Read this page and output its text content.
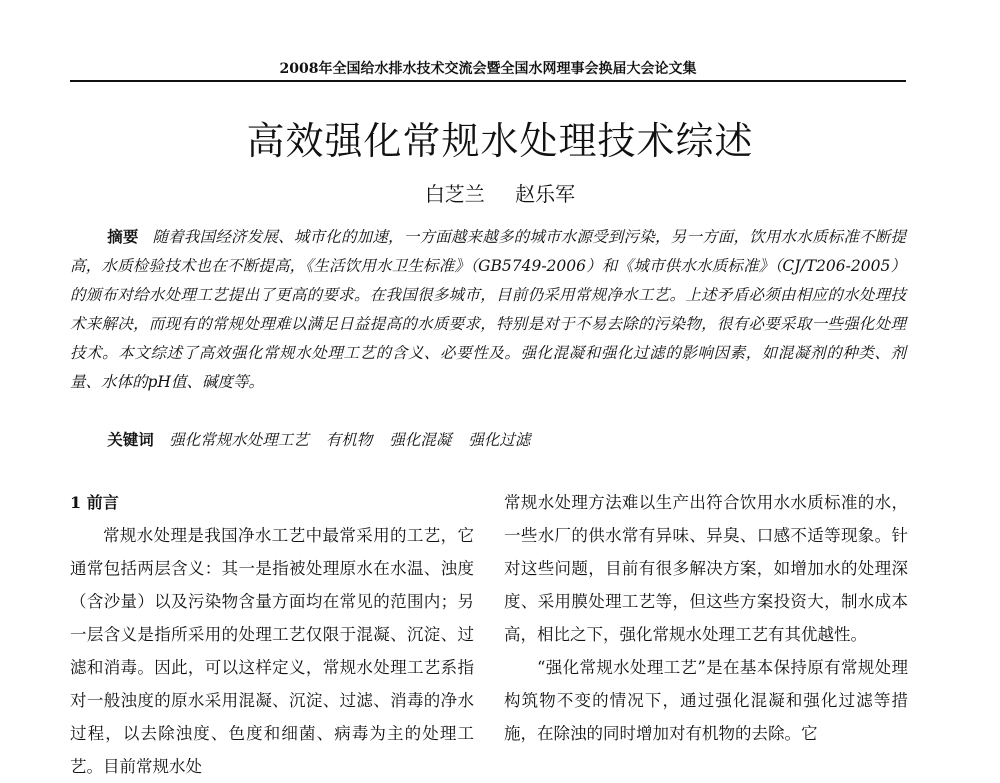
2008年全国给水排水技术交流会暨全国水网理事会换届大会论文集
高效强化常规水处理技术综述
白芝兰 赵乐军

摘要 随着我国经济发展、城市化的加速，一方面越来越多的城市水源受到污染，另一方面，饮用水水质标准不断提高，水质检验技术也在不断提高，《生活饮用水卫生标准》（GB5749-2006）和《城市供水水质标准》（CJ/T206-2005）的颁布对给水处理工艺提出了更高的要求。在我国很多城市，目前仍采用常规净水工艺。上述矛盾必须由相应的水处理技术来解决，而现有的常规处理难以满足日益提高的水质要求，特别是对于不易去除的污染物，很有必要采取一些强化处理技术。本文综述了高效强化常规水处理工艺的含义、必要性及。强化混凝和强化过滤的影响因素，如混凝剂的种类、剂量、水体的pH值、碱度等。

关键词 强化常规水处理工艺 有机物 强化混凝 强化过滤

1 前言

常规水处理是我国净水工艺中最常采用的工艺，它通常包括两层含义：其一是指被处理原水在水温、浊度（含沙量）以及污染物含量方面均在常见的范围内；另一层含义是指所采用的处理工艺仅限于混凝、沉淀、过滤和消毒。因此，可以这样定义，常规水处理工艺系指对一般浊度的原水采用混凝、沉淀、过滤、消毒的净水过程，以去除浊度、色度和细菌、病毒为主的处理工艺。目前常规水处

常规水处理方法难以生产出符合饮用水水质标准的水，一些水厂的供水常有异味、异臭、口感不适等现象。针对这些问题，目前有很多解决方案，如增加水的处理深度、采用膜处理工艺等，但这些方案投资大，制水成本高，相比之下，强化常规水处理工艺有其优越性。

“强化常规水处理工艺”是在基本保持原有常规处理构筑物不变的情况下，通过强化混凝和强化过滤等措施，在除浊的同时增加对有机物的去除。它
